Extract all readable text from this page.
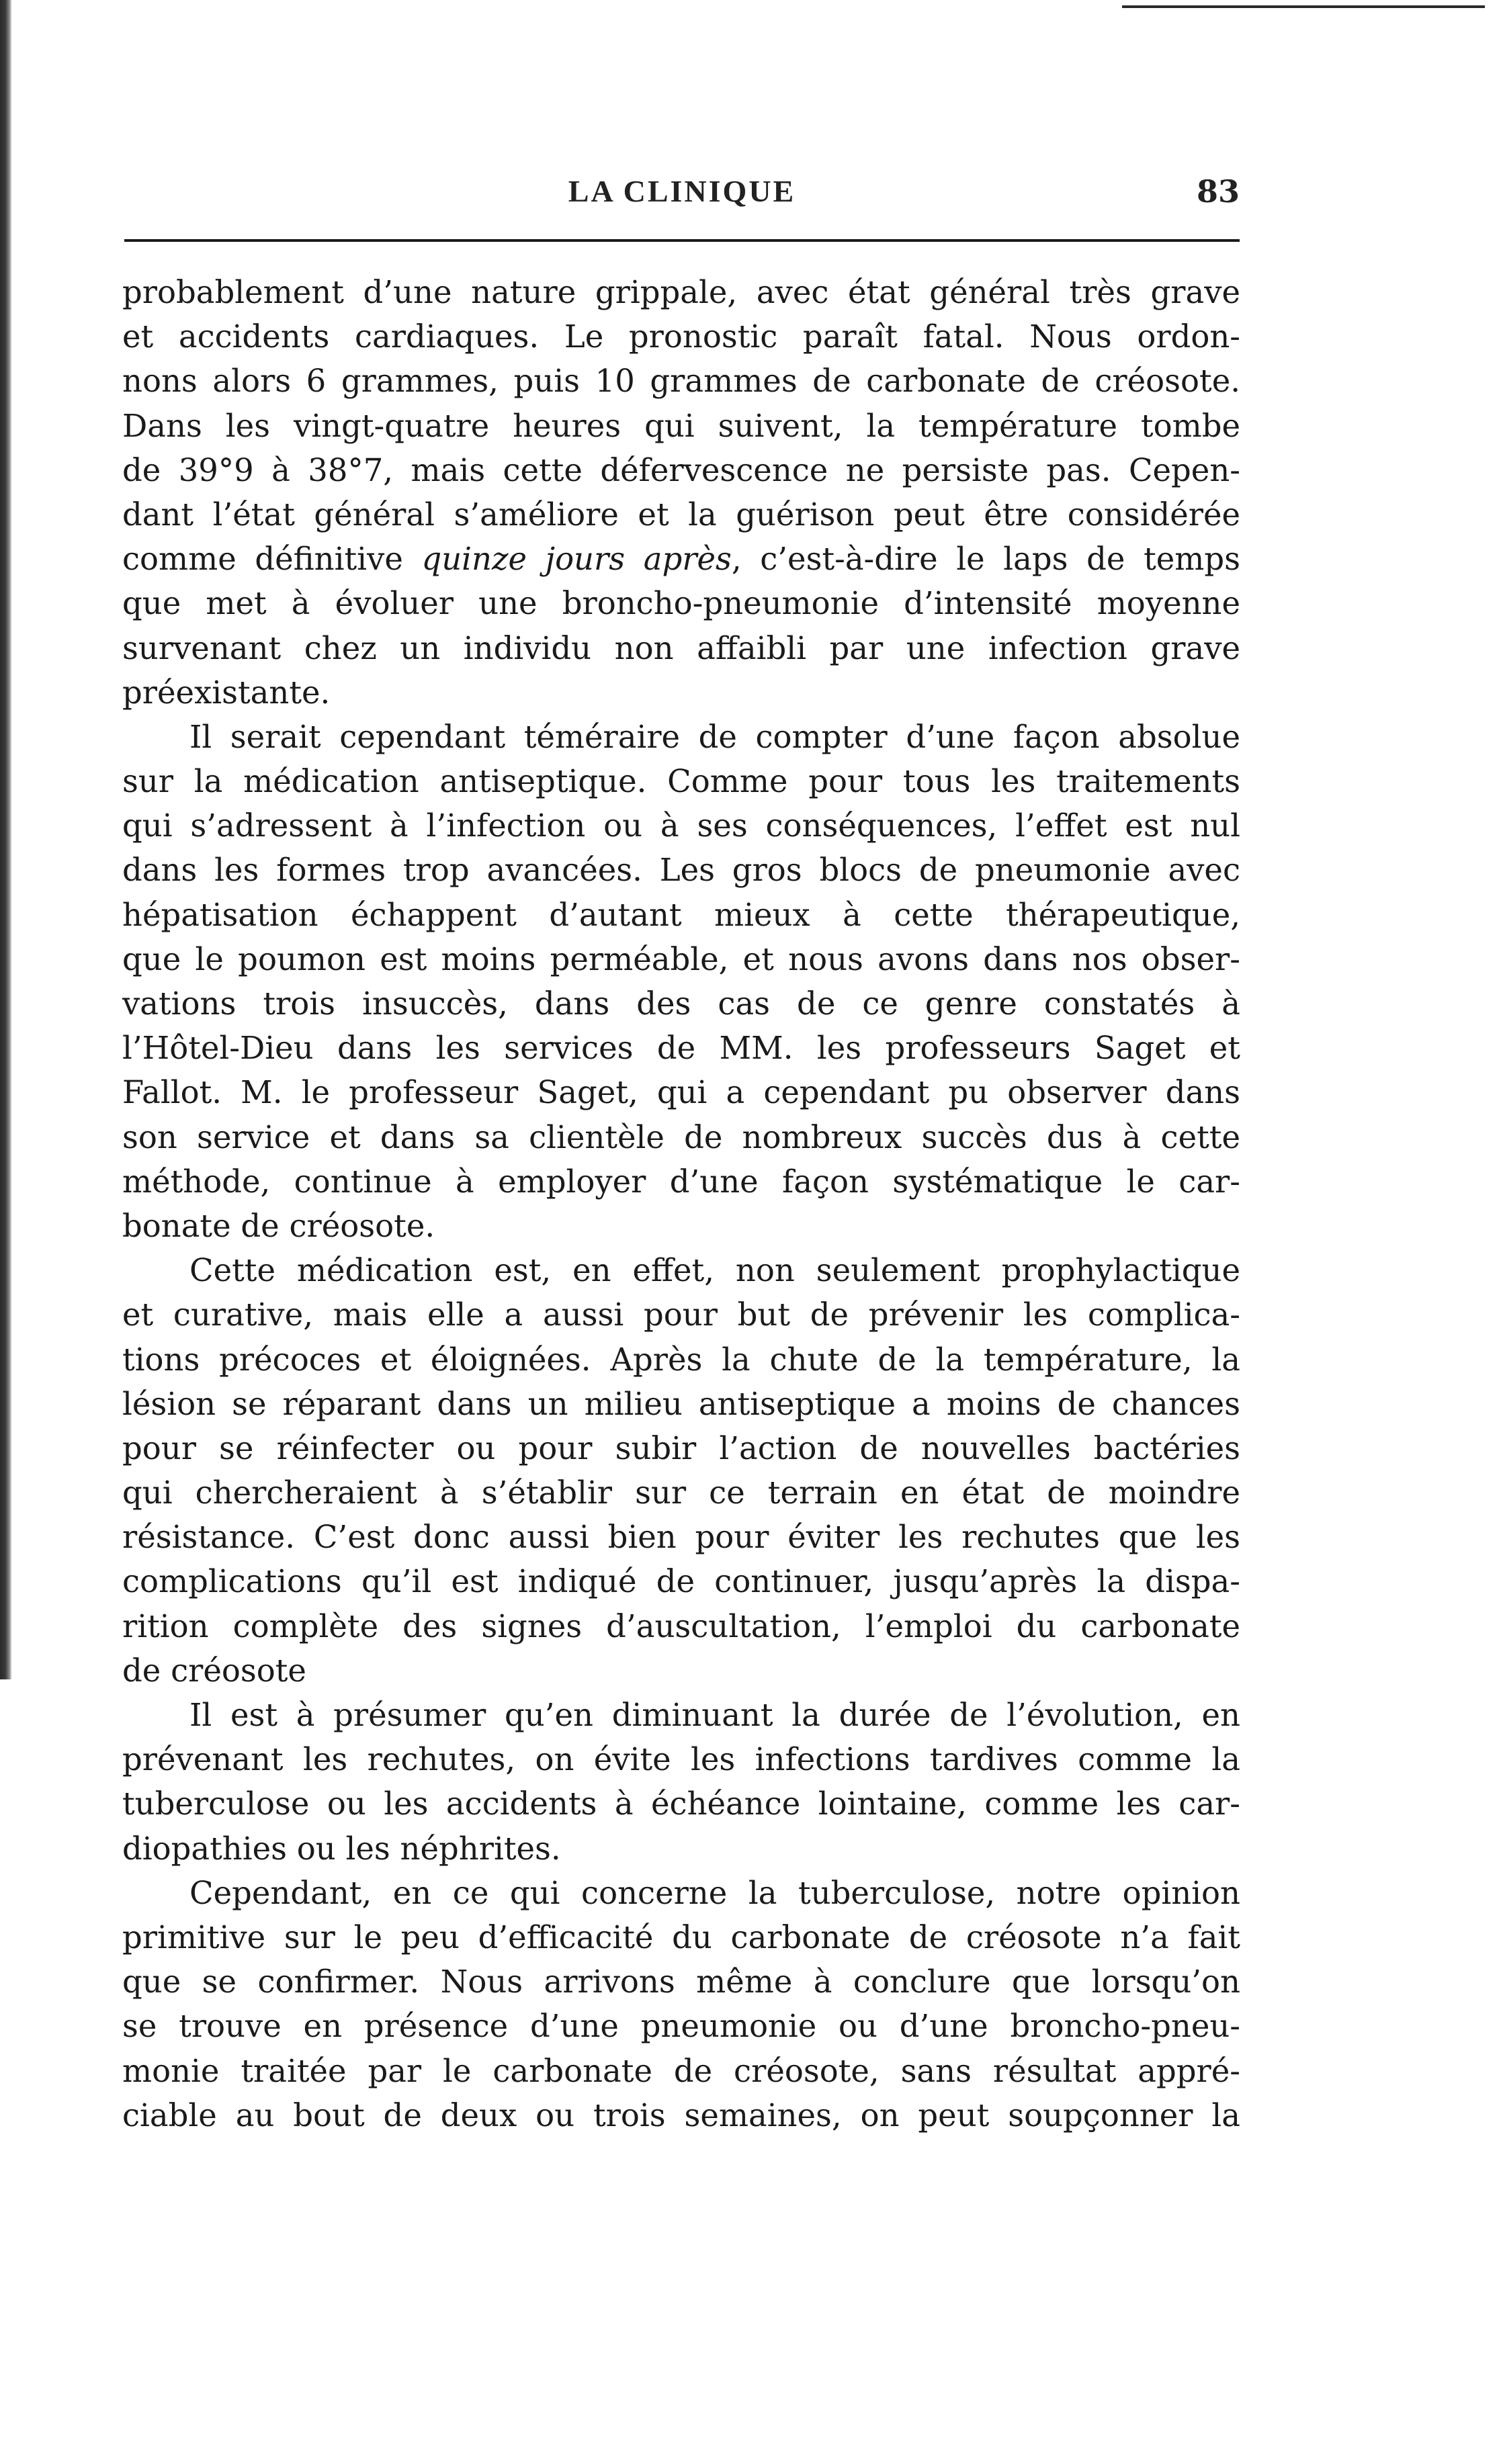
LA CLINIQUE	83
probablement d’une nature grippale, avec état général très grave
et accidents cardiaques. Le pronostic paraît fatal. Nous ordon-
nons alors 6 grammes, puis 10 grammes de carbonate de créosote.
Dans les vingt-quatre heures qui suivent, la température tombe
de 39°9 à 38°7, mais cette défervescence ne persiste pas. Cepen-
dant l’état général s’améliore et la guérison peut être considérée
comme définitive quinze jours après, c’est-à-dire le laps de temps
que met à évoluer une broncho-pneumonie d’intensité moyenne
survenant chez un individu non affaibli par une infection grave
préexistante.
Il serait cependant téméraire de compter d’une façon absolue
sur la médication antiseptique. Comme pour tous les traitements
qui s’adressent à l’infection ou à ses conséquences, l’effet est nul
dans les formes trop avancées. Les gros blocs de pneumonie avec
hépatisation échappent d’autant mieux à cette thérapeutique,
que le poumon est moins perméable, et nous avons dans nos obser-
vations trois insuccès, dans des cas de ce genre constatés à
l’Hôtel-Dieu dans les services de MM. les professeurs Saget et
Fallot. M. le professeur Saget, qui a cependant pu observer dans
son service et dans sa clientèle de nombreux succès dus à cette
méthode, continue à employer d’une façon systématique le car-
bonate de créosote.
Cette médication est, en effet, non seulement prophylactique
et curative, mais elle a aussi pour but de prévenir les complica-
tions précoces et éloignées. Après la chute de la température, la
lésion se réparant dans un milieu antiseptique a moins de chances
pour se réinfecter ou pour subir l’action de nouvelles bactéries
qui chercheraient à s’établir sur ce terrain en état de moindre
résistance. C’est donc aussi bien pour éviter les rechutes que les
complications qu’il est indiqué de continuer, jusqu’après la dispa-
rition complète des signes d’auscultation, l’emploi du carbonate
de créosote
Il est à présumer qu’en diminuant la durée de l’évolution, en
prévenant les rechutes, on évite les infections tardives comme la
tuberculose ou les accidents à échéance lointaine, comme les car-
diopathies ou les néphrites.
Cependant, en ce qui concerne la tuberculose, notre opinion
primitive sur le peu d’efficacité du carbonate de créosote n’a fait
que se confirmer. Nous arrivons même à conclure que lorsqu’on
se trouve en présence d’une pneumonie ou d’une broncho-pneu-
monie traitée par le carbonate de créosote, sans résultat appré-
ciable au bout de deux ou trois semaines, on peut soupçonner la
